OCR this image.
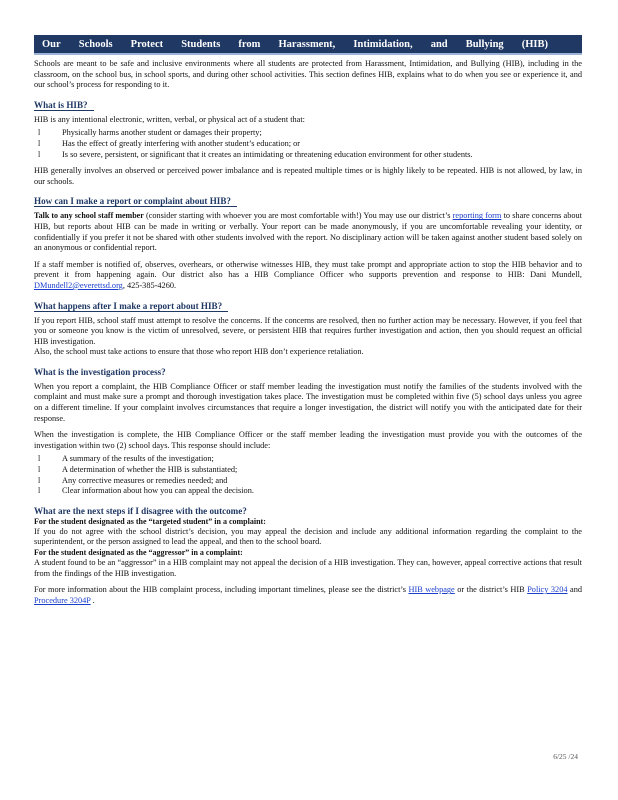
Our Schools Protect Students from Harassment, Intimidation, and Bullying (HIB)

Schools are meant to be safe and inclusive environments where all students are protected from Harassment, Intimidation, and Bullying (HIB), including in the classroom, on the school bus, in school sports, and during other school activities. This section defines HIB, explains what to do when you see or experience it, and our school’s process for responding to it.

What is HIB?

HIB is any intentional electronic, written, verbal, or physical act of a student that:

l Physically harms another student or damages their property;
l Has the effect of greatly interfering with another student’s education; or
l Is so severe, persistent, or significant that it creates an intimidating or threatening education environment for other students.

HIB generally involves an observed or perceived power imbalance and is repeated multiple times or is highly likely to be repeated. HIB is not allowed, by law, in our schools.

How can I make a report or complaint about HIB?

Talk to any school staff member (consider starting with whoever you are most comfortable with!) You may use our district’s reporting form to share concerns about HIB, but reports about HIB can be made in writing or verbally. Your report can be made anonymously, if you are uncomfortable revealing your identity, or confidentially if you prefer it not be shared with other students involved with the report. No disciplinary action will be taken against another student based solely on an anonymous or confidential report.

If a staff member is notified of, observes, overhears, or otherwise witnesses HIB, they must take prompt and appropriate action to stop the HIB behavior and to prevent it from happening again. Our district also has a HIB Compliance Officer who supports prevention and response to HIB: Dani Mundell, DMundell2@everettsd.org, 425-385-4260.

What happens after I make a report about HIB?

If you report HIB, school staff must attempt to resolve the concerns. If the concerns are resolved, then no further action may be necessary. However, if you feel that you or someone you know is the victim of unresolved, severe, or persistent HIB that requires further investigation and action, then you should request an official HIB investigation.

Also, the school must take actions to ensure that those who report HIB don’t experience retaliation.

What is the investigation process?

When you report a complaint, the HIB Compliance Officer or staff member leading the investigation must notify the families of the students involved with the complaint and must make sure a prompt and thorough investigation takes place. The investigation must be completed within five (5) school days unless you agree on a different timeline. If your complaint involves circumstances that require a longer investigation, the district will notify you with the anticipated date for their response.

When the investigation is complete, the HIB Compliance Officer or the staff member leading the investigation must provide you with the outcomes of the investigation within two (2) school days. This response should include:

l A summary of the results of the investigation;
l A determination of whether the HIB is substantiated;
l Any corrective measures or remedies needed; and
l Clear information about how you can appeal the decision.
What are the next steps if I disagree with the outcome?

For the student designated as the “targeted student” in a complaint:

If you do not agree with the school district’s decision, you may appeal the decision and include any additional information regarding the complaint to the superintendent, or the person assigned to lead the appeal, and then to the school board.

For the student designated as the “aggressor” in a complaint:

A student found to be an “aggressor” in a HIB complaint may not appeal the decision of a HIB investigation. They can, however, appeal corrective actions that result from the findings of the HIB investigation.

For more information about the HIB complaint process, including important timelines, please see the district’s HIB webpage or the district’s HIB Policy 3204 and Procedure 3204P .

6/25 /24
